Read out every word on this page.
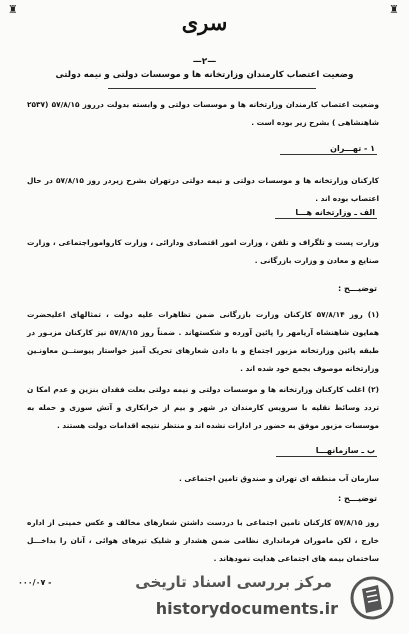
♜	♜
سری
—۲—
وضعیت اعتصاب کارمندان وزارتخانه ها و موسسات دولتی و نیمه دولتی
وضعیت اعتصاب کارمندان وزارتخانه ها و موسسات دولتی و وابسته بدولت درروز ۵۷/۸/۱۵ (۲۵۳۷ شاهنشاهی ) بشرح زیر بوده است .
۱ - تهـــران
کارکنان وزارتخانه ها و موسسات دولتی و نیمه دولتی درتهران بشرح زیردر روز ۵۷/۸/۱۵ در حال اعتصاب بوده اند .
الف ـ وزارتخانه هـــا
وزارت پست و تلگراف و تلفن ، وزارت امور اقتصادی ودارائی ، وزارت کارواموراجتماعی ، وزارت صنایع و معادن و وزارت بازرگانی .
توضیـــح :
(۱) روز ۵۷/۸/۱۴ کارکنان وزارت بازرگانی ضمن تظاهرات علیه دولت ، تمثالهای اعلیحضرت همایون شاهنشاه آریامهر را پائین آورده و شکستهاند . ضمناً روز ۵۷/۸/۱۵ نیز کارکنان مزبـور در طبقه پائین وزارتخانه مزبور اجتماع و با دادن شعارهای تحریک آمیز خواستار پیوستــن معاونـین وزارتخانه موصوف بجمع خود شده اند .
(۲) اغلب کارکنان وزارتخانه ها و موسسات دولتی و نیمه دولتی بعلت فقدان بنزین و عدم امکا ن تردد وسائط نقلیه با سرویس کارمندان در شهر و بیم از خرابکاری و آتش سوزی و حمله به موسسات مزبور موفق به حضور در ادارات نشده اند و منتظر نتیجه اقدامات دولت هستند .
ب ـ سازمانهـــا
سازمان آب منطقه ای تهران و صندوق تامین اجتماعی .
توضیـــح :
روز ۵۷/۸/۱۵ کارکنان تامین اجتماعی با دردست داشتن شعارهای مخالف و عکس خمینی از اداره خارج ، لکن ماموران فرمانداری نظامی ضمن هشدار و شلیک تیرهای هوائی ، آنان را بداخـــل ساختمان بیمه های اجتماعی هدایت نمودهاند .
۰۰۰/۰۷ -	مرکز بررسی اسناد تاریخی
historydocuments.ir
